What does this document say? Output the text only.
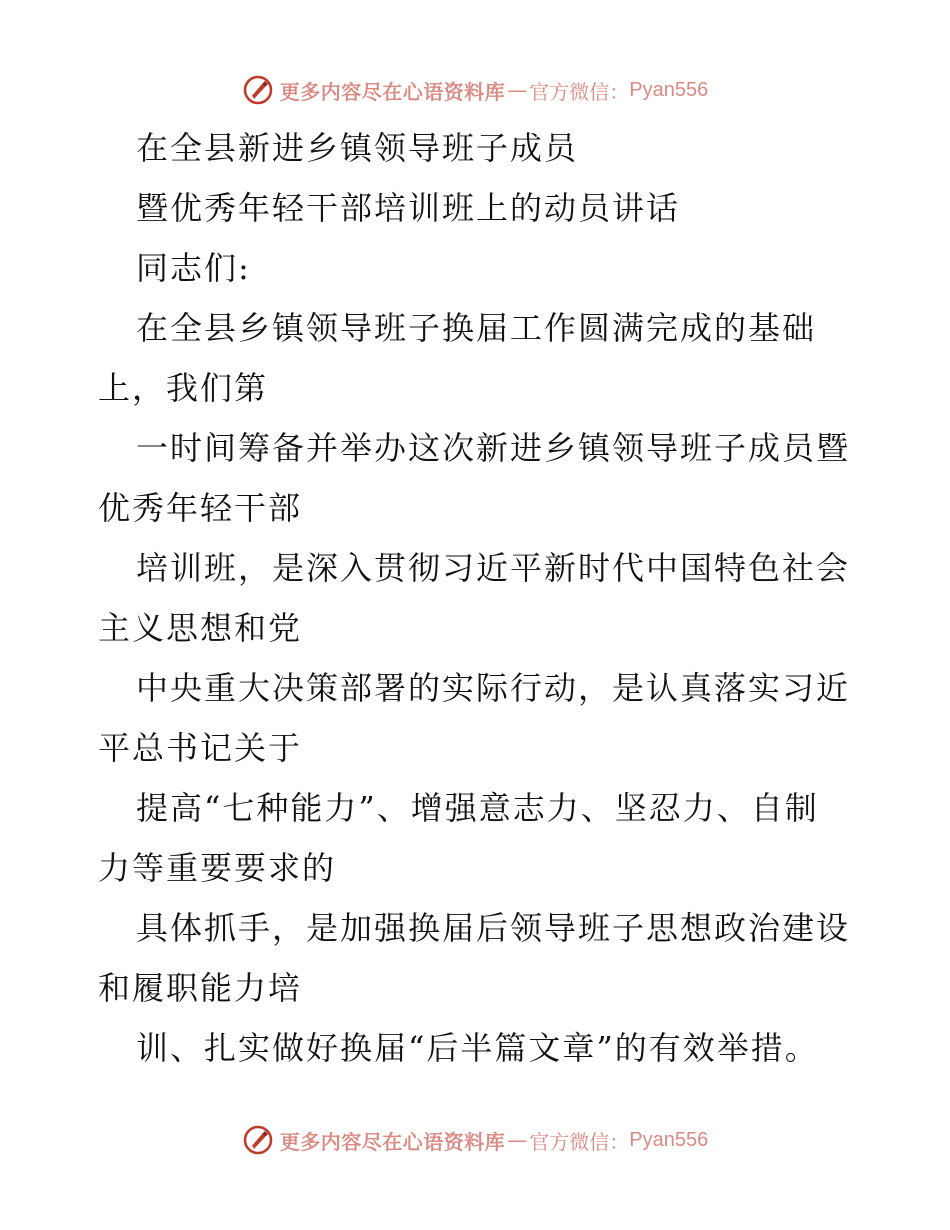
更多内容尽在心语资料库 — 官方微信： Pyan556
在全县新进乡镇领导班子成员
暨优秀年轻干部培训班上的动员讲话
同志们:
在全县乡镇领导班子换届工作圆满完成的基础
上，我们第
一时间筹备并举办这次新进乡镇领导班子成员暨
优秀年轻干部
培训班，是深入贯彻习近平新时代中国特色社会
主义思想和党
中央重大决策部署的实际行动，是认真落实习近
平总书记关于
提高“七种能力”、增强意志力、坚忍力、自制
力等重要要求的
具体抓手，是加强换届后领导班子思想政治建设
和履职能力培
训、扎实做好换届“后半篇文章”的有效举措。
更多内容尽在心语资料库 — 官方微信： Pyan556
